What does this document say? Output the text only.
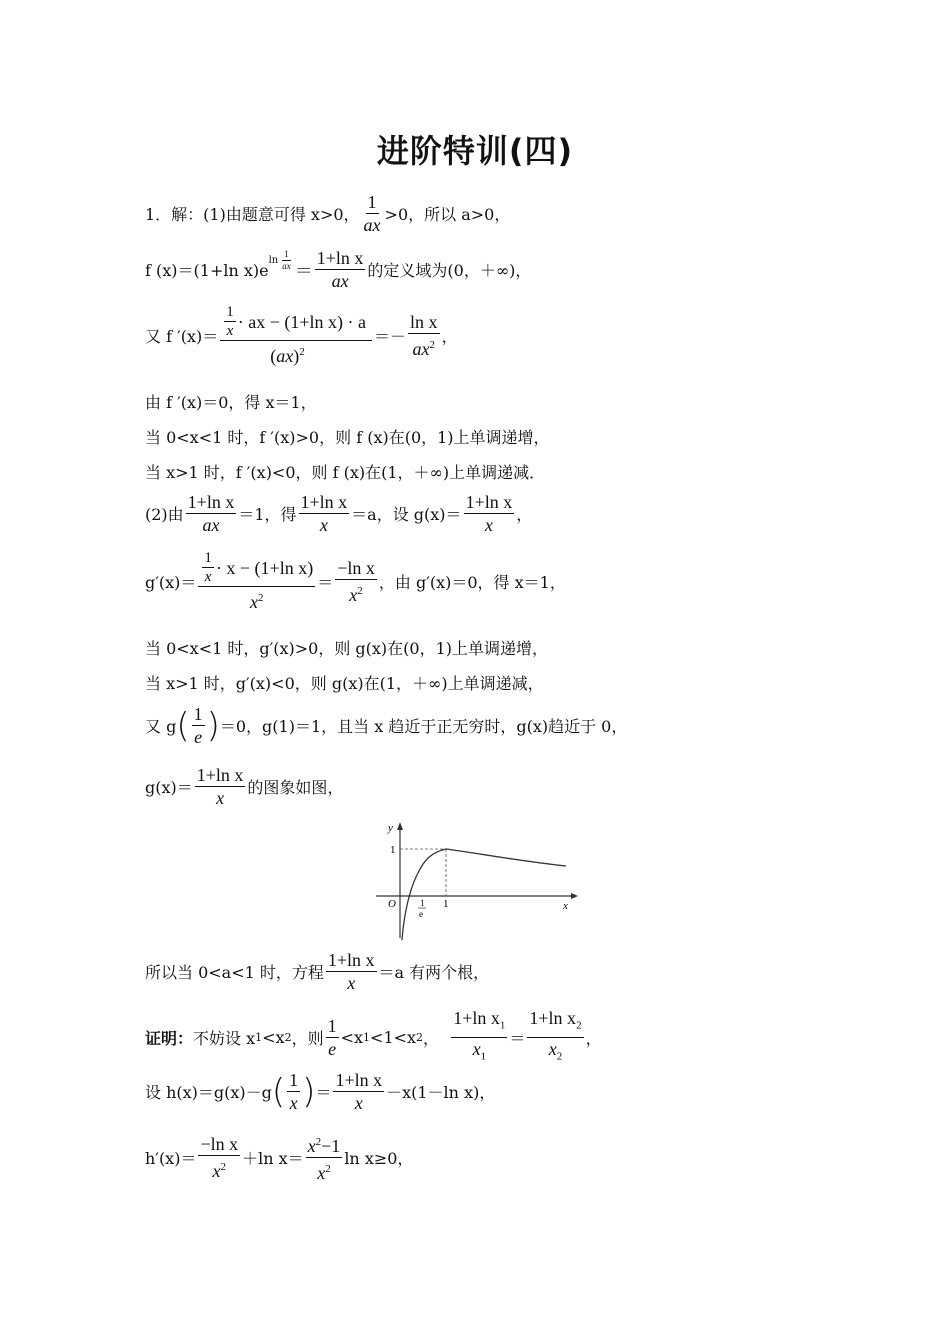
进阶特训(四)
1．解：(1)由题意可得 x>0， $\frac{1}{ax} >0$，所以 a>0，
f (x)＝(1+ln x)e
$\ln \frac{1}{ax} = \frac{\text{1+ln x}}{ax}$ 的定义域为(0，＋∞)，
又 f $'(x)= \frac{\frac{1}{x} \cdot ax - ( 1+\ln x ) \cdot a}{(ax)^2} =- \frac{\text{ln x}}{ax^2}$ ，
由 f ′(x)＝0，得 x＝1，
当 0<x<1 时，f ′(x)>0，则 f (x)在(0，1)上单调递增，
当 x>1 时，f ′(x)<0，则 f (x)在(1，＋∞)上单调递减．
(2)由 $\frac{\text{1+ln x}}{ax} =1$，得 $\frac{\text{1+ln x}}{x} =a$，设 $g(x)= \frac{\text{1+ln x}}{x}$ ，
$g'(x)= \frac{\frac{1}{x} \cdot x - ( 1+\ln x )}{x^2} = \frac{\text{−ln x}}{x^2}$ ，由 g′(x)＝0，得 x＝1，
当 0<x<1 时，g′(x)>0，则 g(x)在(0，1)上单调递增，
当 x>1 时，g′(x)<0，则 g(x)在(1，＋∞)上单调递减，
又 g ( $\frac{1}{e}$ ) ＝0，g(1)＝1，且当 x 趋近于正无穷时，g(x)趋近于 0，
$g(x)= \frac{\text{1+ln x}}{x}$ 的图象如图，
y
x
O
1
1
1
e
所以当 0<a<1 时，方程 $\frac{\text{1+ln x}}{x} =a$ 有两个根，
证明： 不妨设 x 1 <x 2 ，则 $\frac{1}{e} <x$ 1 <1<x 2 ，
$\frac{1+\ln x_1}{x_1} = \frac{1+\ln x_2}{x_2}$ ，
设 h(x)＝g(x)－g ( $\frac{1}{x}$ ) ＝ $\frac{\text{1+ln x}}{x} -x(1-\ln$ x)，
$h'(x)= \frac{\text{−ln x}}{x^2} +\ln$ $x= \frac{x^2-1}{x^2}$ ln x≥0，
